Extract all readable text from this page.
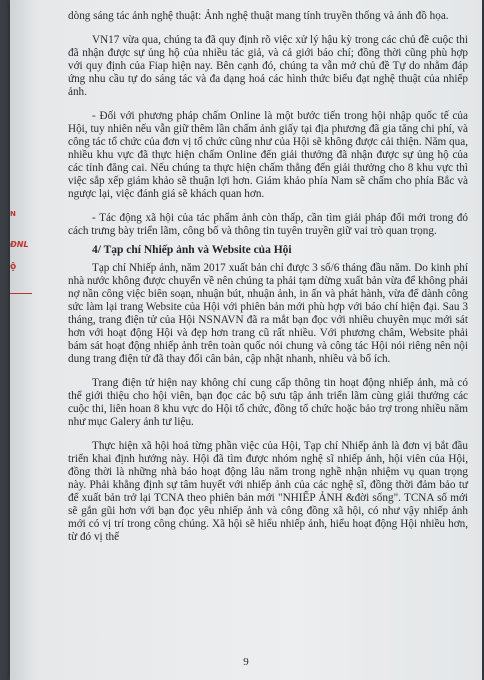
N
ĐNL
ộ

dòng sáng tác ảnh nghệ thuật: Ảnh nghệ thuật mang tính truyền thống và ảnh đồ họa.

VN17 vừa qua, chúng ta đã quy định rõ việc xử lý hậu kỳ trong các chủ đề cuộc thi đã nhận được sự ủng hộ của nhiều tác giả, và cả giới báo chí; đồng thời cũng phù hợp với quy định của Fiap hiện nay. Bên cạnh đó, chúng ta vẫn mở chủ đề Tự do nhằm đáp ứng nhu cầu tự do sáng tác và đa dạng hoá các hình thức biểu đạt nghệ thuật của nhiếp ảnh.

- Đối với phương pháp chấm Online là một bước tiến trong hội nhập quốc tế của Hội, tuy nhiên nếu vẫn giữ thêm lần chấm ảnh giấy tại địa phương đã gia tăng chi phí, và công tác tổ chức của đơn vị tổ chức cũng như của Hội sẽ không được cải thiện. Năm qua, nhiều khu vực đã thực hiện chấm Online đến giải thưởng đã nhận được sự ủng hộ của các tỉnh đăng cai. Nếu chúng ta thực hiện chấm thẳng đến giải thưởng cho 8 khu vực thì việc sắp xếp giám khảo sẽ thuận lợi hơn. Giám khảo phía Nam sẽ chấm cho phía Bắc và ngược lại, việc đánh giá sẽ khách quan hơn.

- Tác động xã hội của tác phẩm ảnh còn thấp, cần tìm giải pháp đổi mới trong đó cách trưng bày triển lãm, công bố và thông tin tuyên truyền giữ vai trò quan trọng.

4/ Tạp chí Nhiếp ảnh và Website của Hội

Tạp chí Nhiếp ảnh, năm 2017 xuất bản chỉ được 3 số/6 tháng đầu năm. Do kinh phí nhà nước không được chuyển về nên chúng ta phải tạm dừng xuất bản vừa để không phải nợ nần công việc biên soạn, nhuận bút, nhuận ảnh, in ấn và phát hành, vừa để dành công sức làm lại trang Website của Hội với phiên bản mới phù hợp với báo chí hiện đại. Sau 3 tháng, trang điện tử của Hội NSNAVN đã ra mắt bạn đọc với nhiều chuyên mục mới sát hơn với hoạt động Hội và đẹp hơn trang cũ rất nhiều. Với phương châm, Website phải bám sát hoạt động nhiếp ảnh trên toàn quốc nói chung và công tác Hội nói riêng nên nội dung trang điện tử đã thay đổi cân bản, cập nhật nhanh, nhiều và bổ ích.

Trang điện tử hiện nay không chỉ cung cấp thông tin hoạt động nhiếp ảnh, mà có thể giới thiệu cho hội viên, bạn đọc các bộ sưu tập ảnh triển lãm cùng giải thưởng các cuộc thi, liên hoan 8 khu vực do Hội tổ chức, đồng tổ chức hoặc bảo trợ trong nhiều năm như mục Galery ảnh tư liệu.

Thực hiện xã hội hoá từng phần việc của Hội, Tạp chí Nhiếp ảnh là đơn vị bắt đầu triển khai định hướng này. Hội đã tìm được nhóm nghệ sĩ nhiếp ảnh, hội viên của Hội, đồng thời là những nhà báo hoạt động lâu năm trong nghề nhận nhiệm vụ quan trọng này. Phải khẳng định sự tâm huyết với nhiếp ảnh của các nghệ sĩ, đồng thời đảm bảo tư để xuất bản trở lại TCNA theo phiên bản mới "NHIẾP ẢNH &đời sống". TCNA số mới sẽ gắn gũi hơn với bạn đọc yêu nhiếp ảnh và công đồng xã hội, có như vậy nhiếp ảnh mới có vị trí trong công chúng. Xã hội sẽ hiểu nhiếp ảnh, hiểu hoạt động Hội nhiều hơn, từ đó vị thế

9
